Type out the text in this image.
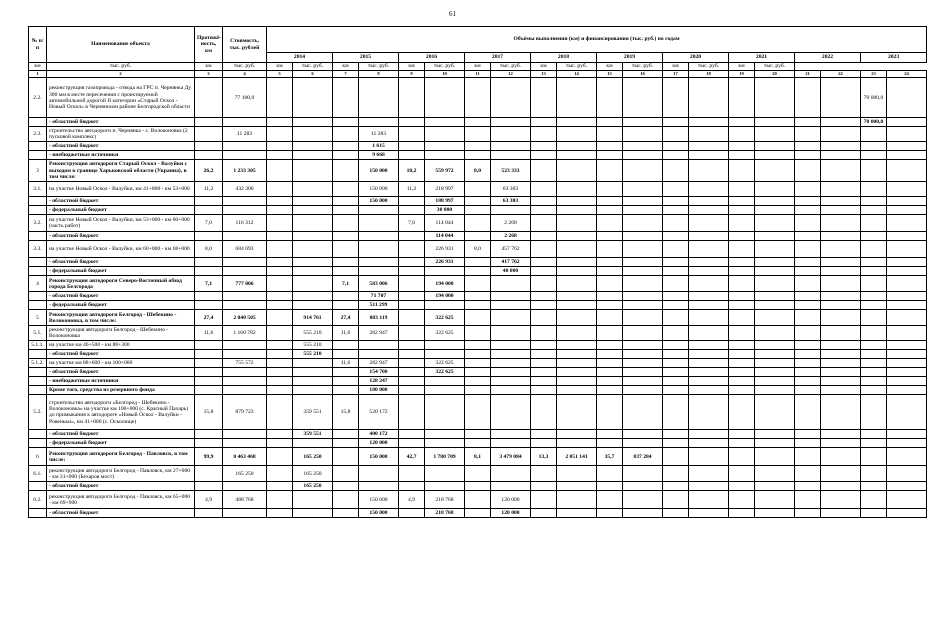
61
№ п/п	Наименование объекта	Протяжё-ность, км	Стоимость, тыс. рублей	Объёмы выполнения (км) и финансирования (тыс. руб.) по годам																			
				2014		2015		2016		2017		2018		2019		2020		2021		2022		2023	
км	тыс. руб.	км	тыс. руб.	км	тыс. руб.	км	тыс. руб.	км	тыс. руб.	км	тыс. руб.	км	тыс. руб.	км	тыс. руб.	км	тыс. руб.	км	тыс. руб.				
1	2	3	4	5	6	7	8	9	10	11	12	13	14	15	16	17	18	19	20	21	22	23	24
2.2.	реконструкция газопровода - отвода на ГРС п. Чернянка Ду 300 мм в месте пересечения с проектируемой автомобильной дорогой II категории «Старый Оскол - Новый Оскол» в Чернянском районе Белгородской области		77 100,0																			70 000,0	
	- областной бюджет																					70 000,0	
2.3.	строительство автодороги п. Чернянка - с. Волоконовка (2 пусковой комплекс)		11 283				11 283																
	- областной бюджет						1 615																
	- внебюджетные источники						9 668																
3	Реконструкция автодороги Старый Оскол - Валуйки с выходом к границе Харьковской области (Украина), в том числе:	26,2	1 233 305				150 000	18,2	559 972	8,0	523 333												
3.1.	на участке Новый Оскол - Валуйки, км 41+800 - км 53+000	11,2	432 300				150 000	11,2	218 997		63 303												
	- областной бюджет						150 000		188 997		63 303												
	- федеральный бюджет								30 000														
3.2.	на участке Новый Оскол - Валуйки, км 53+000 - км 60+000 (часть работ)	7,0	116 312					7,0	114 044		2 268												
	- областной бюджет								114 044		2 268												
3.3.	на участке Новый Оскол - Валуйки, км 60+000 - км 68+000	8,0	684 693						226 931	8,0	457 762												
	- областной бюджет								226 931		417 762												
	- федеральный бюджет										40 000												
4	Реконструкция автодороги Северо-Восточный обход города Белгорода	7,1	777 006			7,1	583 006		194 000														
	- областной бюджет						71 707		194 000														
	- федеральный бюджет						511 299																
5	Реконструкция автодороги Белгород - Шебекино - Волоконовка, в том числе:	27,4	2 040 505		914 761	27,4	803 119		322 625														
5.1.	реконструкция автодороги Белгород - Шебекино - Волоконовка	11,6	1 160 782		555 210	11,6	282 947		322 625														
5.1.1.	на участке км 46+500 - км 88+300				555 210																		
	- областной бюджет				555 210																		
5.1.2.	на участке км 88+600 - км 100+000		755 572			11,6	282 947		322 625														
	- областной бюджет						154 700		322 625														
	- внебюджетные источники						128 247																
	Кроме того, средства из резервного фонда						180 000																
5.2.	строительство автодороги «Белгород - Шебекино - Волоконовка» на участке км 100+000 (с. Красный Пахарь) до примыкания к автодороге «Новый Оскол - Валуйки - Ровеньки», км 41+800 (с. Осколище)	15,8	879 723		359 551	15,8	520 172																
	- областной бюджет				359 551		400 172																
	- федеральный бюджет						120 000																
6	Реконструкция автодороги Белгород - Павловск, в том числе:	99,9	8 463 468		165 250		150 000	42,7	1 780 709	8,1	3 479 084	13,3	2 051 141	35,7	837 284								
6.1.	реконструкция автодороги Белгород - Павловск, км 27+000 - км 31+000 (Бехаров мост)		165 250		165 250																		
	- областной бюджет				165 250																		
6.2.	реконструкция автодороги Белгород - Павловск, км 65+000 - км 69+900	4,9	488 768				150 000	4,9	218 768		120 000												
	- областной бюджет						150 000		218 768		120 000												
